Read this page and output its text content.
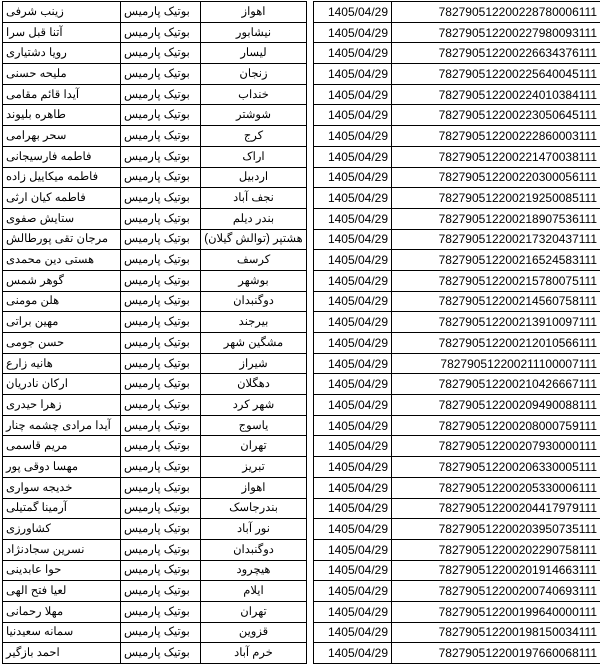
زینب شرفی	بوتیک پارمیس	اهواز		1405/04/29	782790512200228780006111
آتنا قبل سرا	بوتیک پارمیس	نیشابور		1405/04/29	782790512200227980093111
رویا دشتیاری	بوتیک پارمیس	لیسار		1405/04/29	782790512200226634376111
ملیحه حسنی	بوتیک پارمیس	زنجان		1405/04/29	782790512200225640045111
آیدا قائم مقامی	بوتیک پارمیس	خنداب		1405/04/29	782790512200224010384111
طاهره بلیوند	بوتیک پارمیس	شوشتر		1405/04/29	782790512200223050645111
سحر بهرامی	بوتیک پارمیس	کرج		1405/04/29	782790512200222860003111
فاطمه فارسیجانی	بوتیک پارمیس	اراک		1405/04/29	782790512200221470038111
فاطمه میکاییل زاده	بوتیک پارمیس	اردبیل		1405/04/29	782790512200220300056111
فاطمه کیان ارثی	بوتیک پارمیس	نجف آباد		1405/04/29	782790512200219250085111
ستایش صفوی	بوتیک پارمیس	بندر دیلم		1405/04/29	782790512200218907536111
مرجان تقی پورطالش	بوتیک پارمیس	هشتپر (توالش گیلان)		1405/04/29	782790512200217320437111
هستی دین محمدی	بوتیک پارمیس	کرسف		1405/04/29	782790512200216524583111
گوهر شمس	بوتیک پارمیس	بوشهر		1405/04/29	782790512200215780075111
هلن مومنی	بوتیک پارمیس	دوگنبدان		1405/04/29	782790512200214560758111
مهین براتی	بوتیک پارمیس	بیرجند		1405/04/29	782790512200213910097111
حسن جومی	بوتیک پارمیس	مشگین شهر		1405/04/29	782790512200212010566111
هانیه زارع	بوتیک پارمیس	شیراز		1405/04/29	782790512200211100007111
ارکان نادریان	بوتیک پارمیس	دهگلان		1405/04/29	782790512200210426667111
زهرا حیدری	بوتیک پارمیس	شهر کرد		1405/04/29	782790512200209490088111
آیدا مرادی چشمه چنار	بوتیک پارمیس	یاسوج		1405/04/29	782790512200208000759111
مریم قاسمی	بوتیک پارمیس	تهران		1405/04/29	782790512200207930000111
مهسا دوقی پور	بوتیک پارمیس	تبریز		1405/04/29	782790512200206330005111
خدیجه سواری	بوتیک پارمیس	اهواز		1405/04/29	782790512200205330006111
آرمینا گمتیلی	بوتیک پارمیس	بندرجاسک		1405/04/29	782790512200204417979111
کشاورزی	بوتیک پارمیس	نور آباد		1405/04/29	782790512200203950735111
نسرین سجادنژاد	بوتیک پارمیس	دوگنبدان		1405/04/29	782790512200202290758111
حوا عابدینی	بوتیک پارمیس	هیچرود		1405/04/29	782790512200201914663111
لعیا فتح الهی	بوتیک پارمیس	ایلام		1405/04/29	782790512200200740693111
مهلا رحمانی	بوتیک پارمیس	تهران		1405/04/29	782790512200199640000111
سمانه سعیدنیا	بوتیک پارمیس	قزوین		1405/04/29	782790512200198150034111
احمد بازگیر	بوتیک پارمیس	خرم آباد		1405/04/29	782790512200197660068111
